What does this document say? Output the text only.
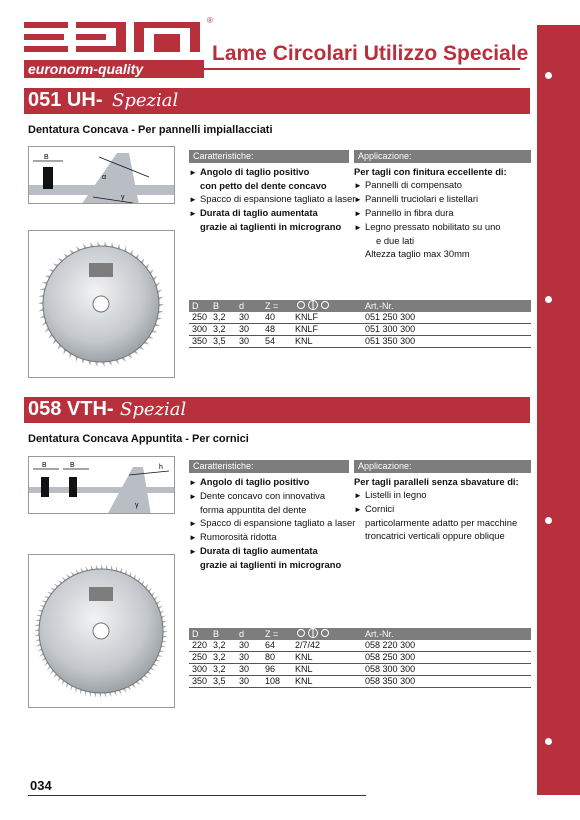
®
euronorm-quality
Lame Circolari Utilizzo Speciale
051 UH- Spezial
Dentatura Concava - Per pannelli impiallacciati
B
α
γ
Caratteristiche:
► Angolo di taglio positivo
con petto del dente concavo
► Spacco di espansione tagliato a laser
► Durata di taglio aumentata
grazie ai taglienti in micrograno
Applicazione:
Per tagli con finitura eccellente di:
► Pannelli di compensato
► Pannelli truciolari e listellari
► Pannello in fibra dura
► Legno pressato nobilitato su uno
e due lati
Altezza taglio max 30mm
D	B	d	Z =		Art.-Nr.
250	3,2	30	40	KNLF	051 250 300
300	3,2	30	48	KNLF	051 300 300
350	3,5	30	54	KNL	051 350 300
058 VTH- Spezial
Dentatura Concava Appuntita - Per cornici
B	B	h
γ
Caratteristiche:
► Angolo di taglio positivo
► Dente concavo con innovativa
forma appuntita del dente
► Spacco di espansione tagliato a laser
► Rumorosità ridotta
► Durata di taglio aumentata
grazie ai taglienti in micrograno
Applicazione:
Per tagli paralleli senza sbavature di:
► Listelli in legno
► Cornici
particolarmente adatto per macchine
troncatrici verticali oppure oblique
D	B	d	Z =		Art.-Nr.
220	3,2	30	64	2/7/42	058 220 300
250	3,2	30	80	KNL	058 250 300
300	3,2	30	96	KNL	058 300 300
350	3,5	30	108	KNL	058 350 300
034
